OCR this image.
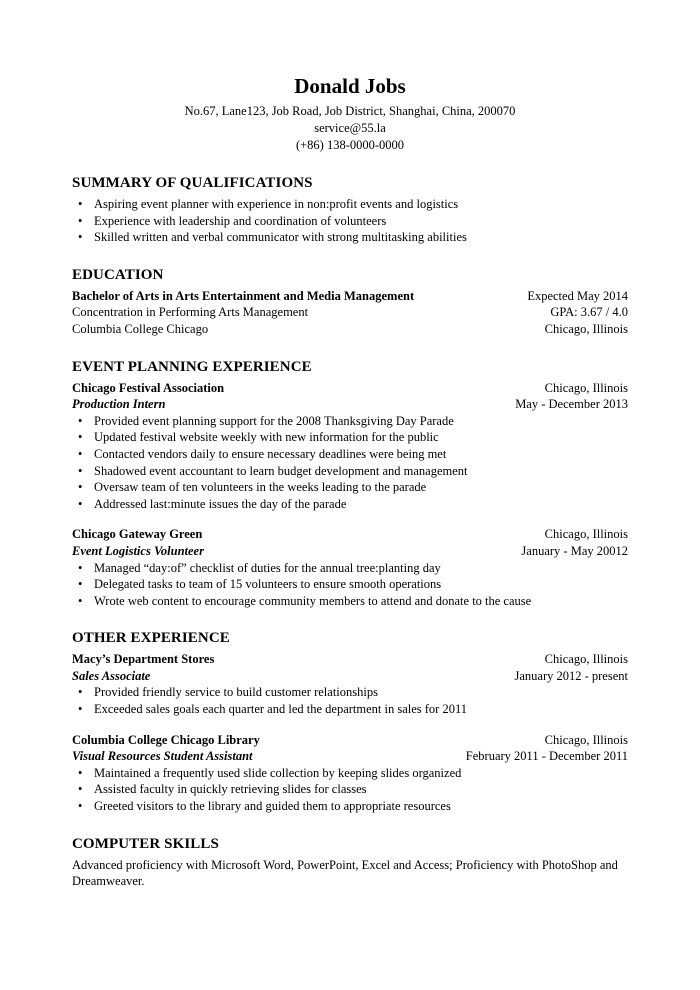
Donald Jobs
No.67, Lane123, Job Road, Job District, Shanghai, China, 200070
service@55.la
(+86) 138-0000-0000
SUMMARY OF QUALIFICATIONS
• Aspiring event planner with experience in non:profit events and logistics
• Experience with leadership and coordination of volunteers
• Skilled written and verbal communicator with strong multitasking abilities
EDUCATION
Bachelor of Arts in Arts Entertainment and Media Management	Expected May 2014
Concentration in Performing Arts Management	GPA: 3.67 / 4.0
Columbia College Chicago	Chicago, Illinois
EVENT PLANNING EXPERIENCE
Chicago Festival Association	Chicago, Illinois
Production Intern	May - December 2013
• Provided event planning support for the 2008 Thanksgiving Day Parade
• Updated festival website weekly with new information for the public
• Contacted vendors daily to ensure necessary deadlines were being met
• Shadowed event accountant to learn budget development and management
• Oversaw team of ten volunteers in the weeks leading to the parade
• Addressed last:minute issues the day of the parade
Chicago Gateway Green	Chicago, Illinois
Event Logistics Volunteer	January - May 20012
• Managed “day:of” checklist of duties for the annual tree:planting day
• Delegated tasks to team of 15 volunteers to ensure smooth operations
• Wrote web content to encourage community members to attend and donate to the cause
OTHER EXPERIENCE
Macy’s Department Stores	Chicago, Illinois
Sales Associate	January 2012 - present
• Provided friendly service to build customer relationships
• Exceeded sales goals each quarter and led the department in sales for 2011
Columbia College Chicago Library	Chicago, Illinois
Visual Resources Student Assistant	February 2011 - December 2011
• Maintained a frequently used slide collection by keeping slides organized
• Assisted faculty in quickly retrieving slides for classes
• Greeted visitors to the library and guided them to appropriate resources
COMPUTER SKILLS
Advanced proficiency with Microsoft Word, PowerPoint, Excel and Access; Proficiency with PhotoShop and Dreamweaver.
